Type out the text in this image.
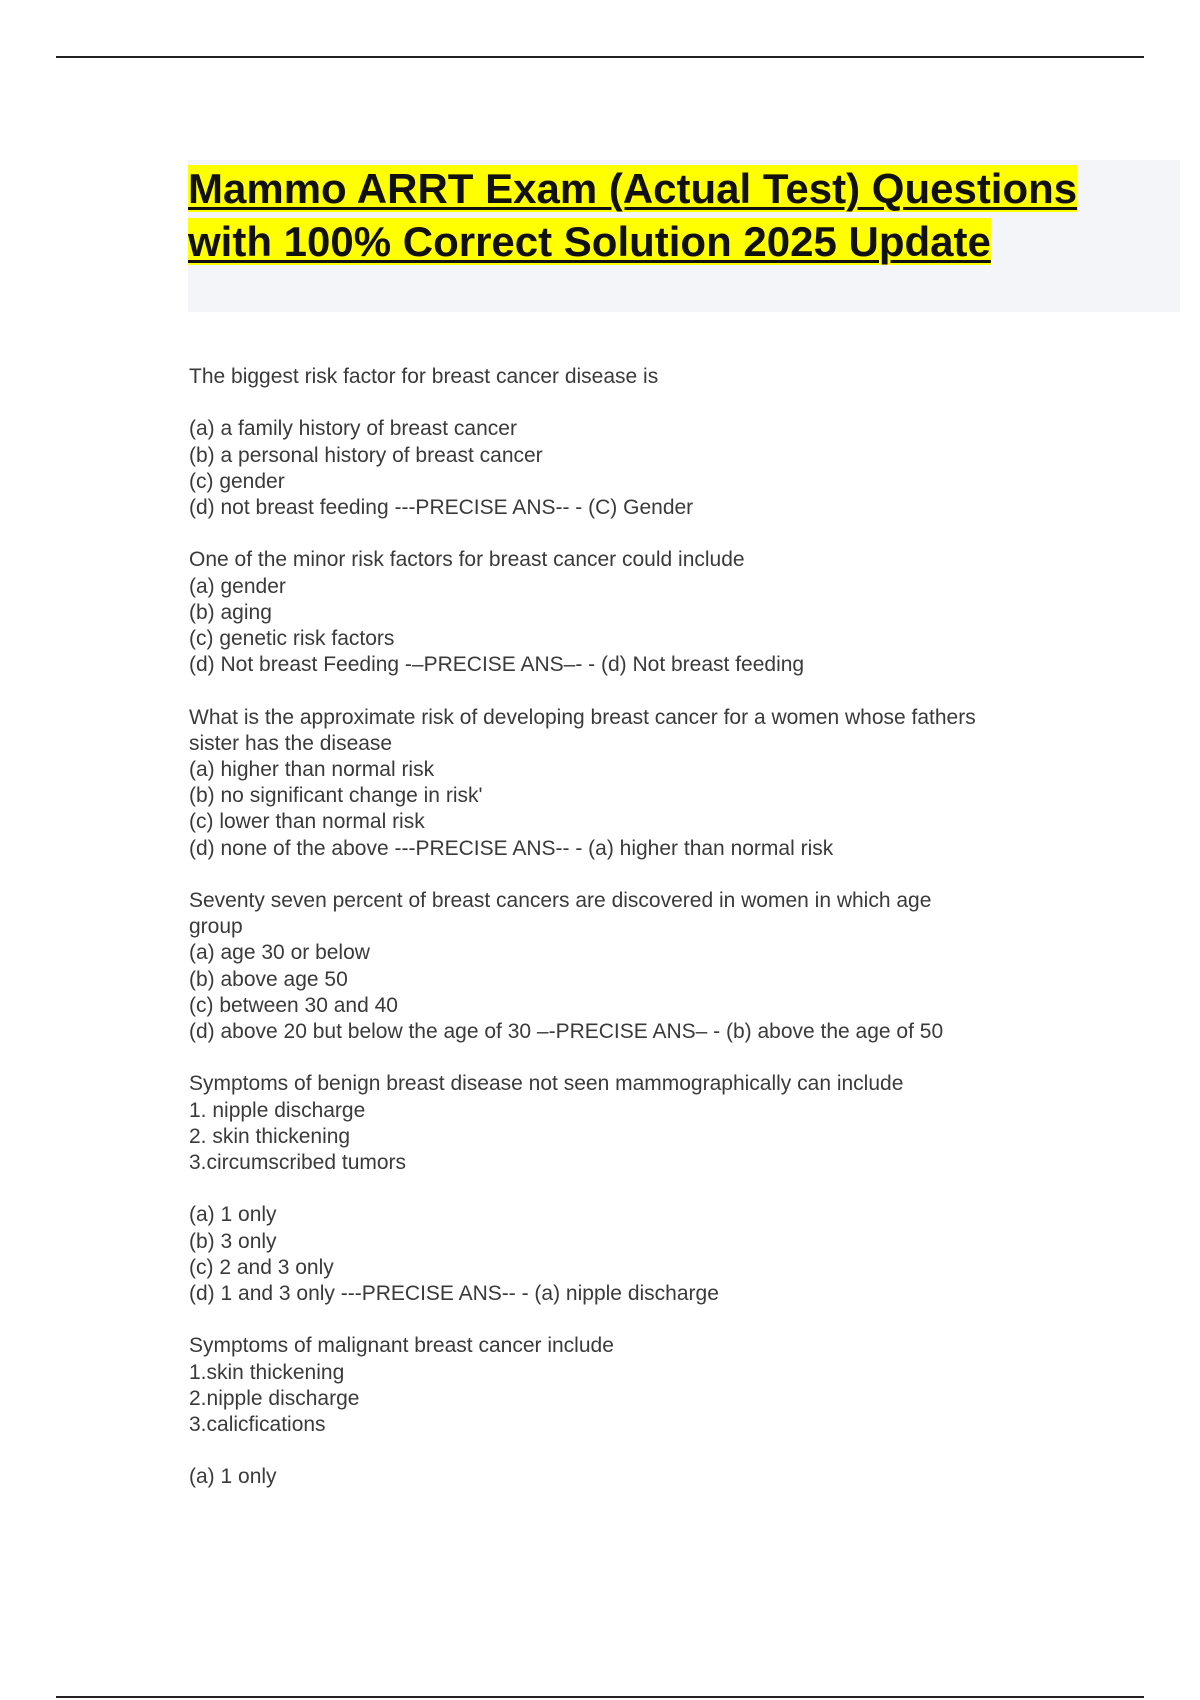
Mammo ARRT Exam (Actual Test) Questions
with 100% Correct Solution 2025 Update
The biggest risk factor for breast cancer disease is
(a) a family history of breast cancer
(b) a personal history of breast cancer
(c) gender
(d) not breast feeding ---PRECISE ANS-- - (C) Gender
One of the minor risk factors for breast cancer could include
(a) gender
(b) aging
(c) genetic risk factors
(d) Not breast Feeding -–PRECISE ANS–- - (d) Not breast feeding
What is the approximate risk of developing breast cancer for a women whose fathers
sister has the disease
(a) higher than normal risk
(b) no significant change in risk'
(c) lower than normal risk
(d) none of the above ---PRECISE ANS-- - (a) higher than normal risk
Seventy seven percent of breast cancers are discovered in women in which age
group
(a) age 30 or below
(b) above age 50
(c) between 30 and 40
(d) above 20 but below the age of 30 –-PRECISE ANS– - (b) above the age of 50
Symptoms of benign breast disease not seen mammographically can include
1. nipple discharge
2. skin thickening
3.circumscribed tumors
(a) 1 only
(b) 3 only
(c) 2 and 3 only
(d) 1 and 3 only ---PRECISE ANS-- - (a) nipple discharge
Symptoms of malignant breast cancer include
1.skin thickening
2.nipple discharge
3.calicfications
(a) 1 only
